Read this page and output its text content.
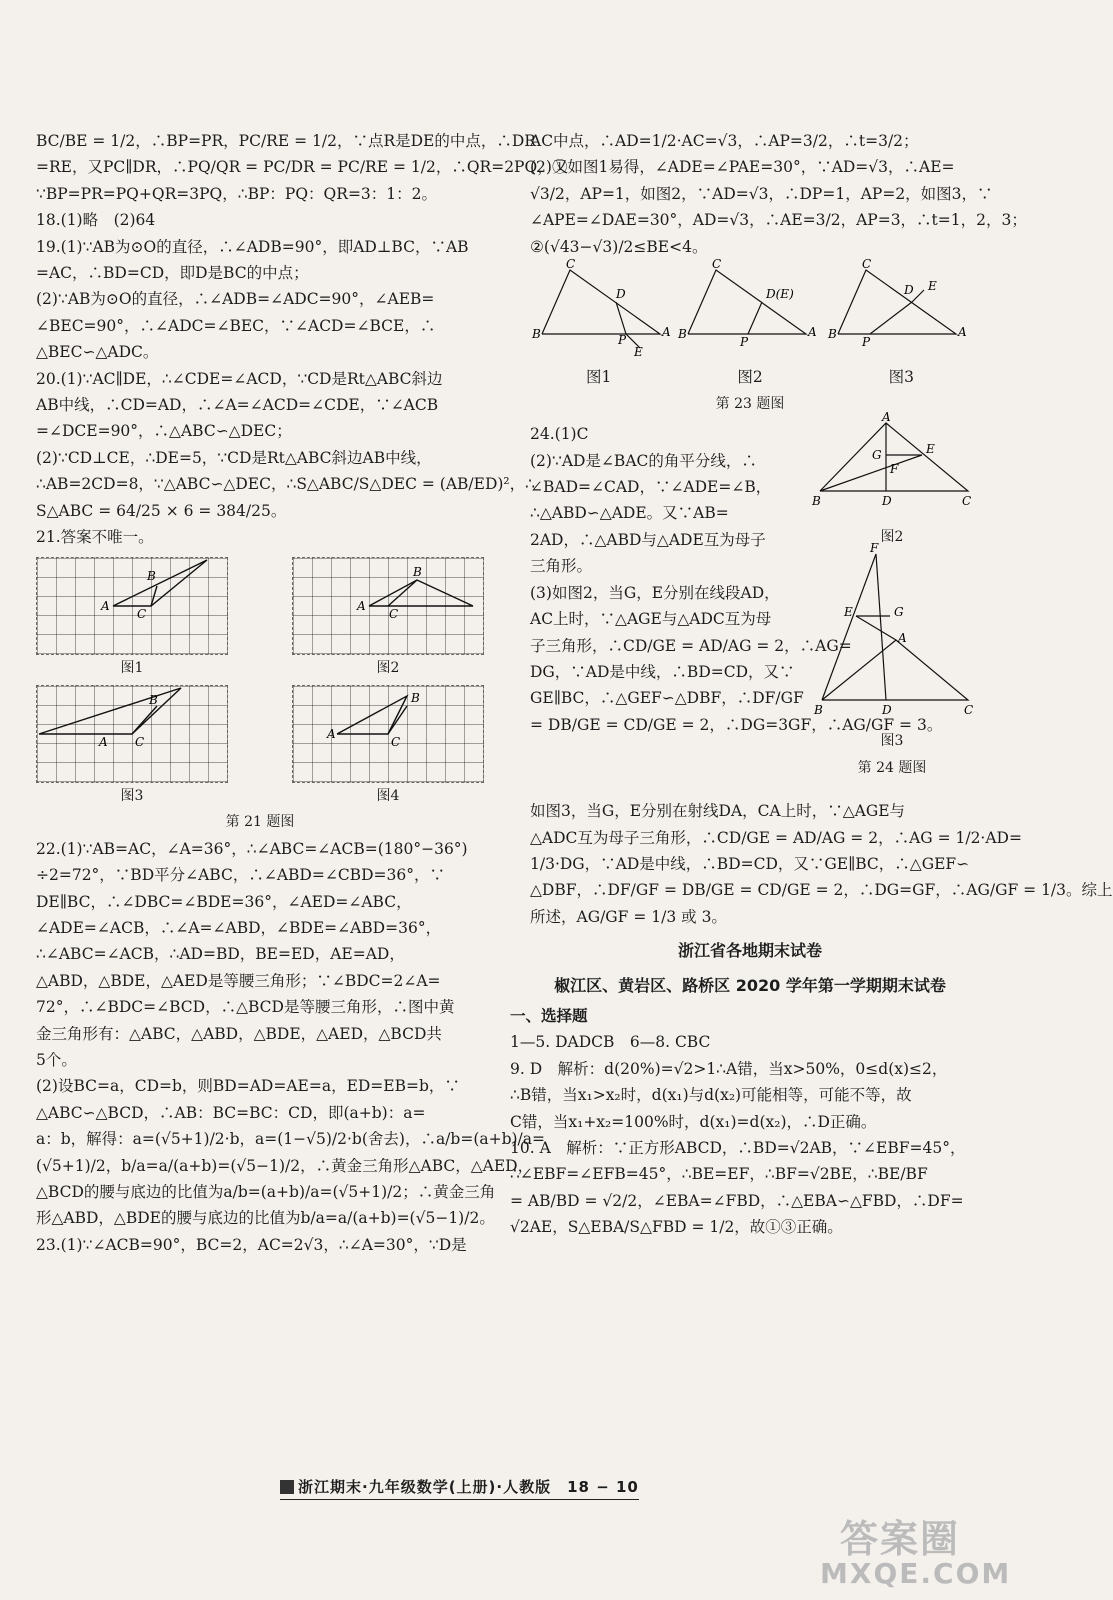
BC/BE = 1/2，∴BP=PR，PC/RE = 1/2，∵点R是DE的中点，∴DR
=RE，又PC∥DR，∴PQ/QR = PC/DR = PC/RE = 1/2，∴QR=2PQ，又
∵BP=PR=PQ+QR=3PQ，∴BP：PQ：QR=3：1：2。
18.(1)略　(2)64
19.(1)∵AB为⊙O的直径，∴∠ADB=90°，即AD⊥BC，∵AB
=AC，∴BD=CD，即D是BC的中点；
(2)∵AB为⊙O的直径，∴∠ADB=∠ADC=90°，∠AEB=
∠BEC=90°，∴∠ADC=∠BEC，∵∠ACD=∠BCE，∴
△BEC∽△ADC。
20.(1)∵AC∥DE，∴∠CDE=∠ACD，∵CD是Rt△ABC斜边
AB中线，∴CD=AD，∴∠A=∠ACD=∠CDE，∵∠ACB
=∠DCE=90°，∴△ABC∽△DEC；
(2)∵CD⊥CE，∴DE=5，∵CD是Rt△ABC斜边AB中线，
∴AB=2CD=8，∵△ABC∽△DEC，∴S△ABC/S△DEC = (AB/ED)²，∴
S△ABC = 64/25 × 6 = 384/25。
21.答案不唯一。
A
B
C
图1
A
B
C
图2
A
B
C
图3
A
B
C
图4
第 21 题图
22.(1)∵AB=AC，∠A=36°，∴∠ABC=∠ACB=(180°−36°)
÷2=72°，∵BD平分∠ABC，∴∠ABD=∠CBD=36°，∵
DE∥BC，∴∠DBC=∠BDE=36°，∠AED=∠ABC，
∠ADE=∠ACB，∴∠A=∠ABD，∠BDE=∠ABD=36°，
∴∠ABC=∠ACB，∴AD=BD，BE=ED，AE=AD，
△ABD，△BDE，△AED是等腰三角形；∵∠BDC=2∠A=
72°，∴∠BDC=∠BCD，∴△BCD是等腰三角形，∴图中黄
金三角形有：△ABC，△ABD，△BDE，△AED，△BCD共
5个。
(2)设BC=a，CD=b，则BD=AD=AE=a，ED=EB=b，∵
△ABC∽△BCD，∴AB：BC=BC：CD，即(a+b)：a=
a：b，解得：a=(√5+1)/2·b，a=(1−√5)/2·b(舍去)，∴a/b=(a+b)/a=
(√5+1)/2，b/a=a/(a+b)=(√5−1)/2，∴黄金三角形△ABC，△AED，
△BCD的腰与底边的比值为a/b=(a+b)/a=(√5+1)/2；∴黄金三角
形△ABD，△BDE的腰与底边的比值为b/a=a/(a+b)=(√5−1)/2。
23.(1)∵∠ACB=90°，BC=2，AC=2√3，∴∠A=30°，∵D是
AC中点，∴AD=1/2·AC=√3，∴AP=3/2，∴t=3/2；
(2)①如图1易得，∠ADE=∠PAE=30°，∵AD=√3，∴AE=
√3/2，AP=1，如图2，∵AD=√3，∴DP=1，AP=2，如图3，∵
∠APE=∠DAE=30°，AD=√3，∴AE=3/2，AP=3，∴t=1，2，3；
②(√43−√3)/2≤BE<4。
B
C
D
P
E
A B
C
D(E)
P
A B
C
D E
P
A
图1	图2	图3
第 23 题图
24.(1)C
(2)∵AD是∠BAC的角平分线，∴
∠BAD=∠CAD，∵∠ADE=∠B，
∴△ABD∽△ADE。又∵AB=
2AD，∴△ABD与△ADE互为母子
三角形。
(3)如图2，当G，E分别在线段AD，
AC上时，∵△AGE与△ADC互为母
子三角形，∴CD/GE = AD/AG = 2，∴AG=
DG，∵AD是中线，∴BD=CD，又∵
GE∥BC，∴△GEF∽△DBF，∴DF/GF
= DB/GE = CD/GE = 2，∴DG=3GF，∴AG/GF = 3。
A
G	E
F
B	D	C
图2
F
E	G
A
B	D	C
图3
第 24 题图
如图3，当G，E分别在射线DA，CA上时，∵△AGE与
△ADC互为母子三角形，∴CD/GE = AD/AG = 2，∴AG = 1/2·AD=
1/3·DG，∵AD是中线，∴BD=CD，又∵GE∥BC，∴△GEF∽
△DBF，∴DF/GF = DB/GE = CD/GE = 2，∴DG=GF，∴AG/GF = 1/3。综上
所述，AG/GF = 1/3 或 3。
浙江省各地期末试卷
椒江区、黄岩区、路桥区 2020 学年第一学期期末试卷
一、选择题
1—5. DADCB　6—8. CBC
9. D　解析：d(20%)=√2>1∴A错，当x>50%，0≤d(x)≤2，
∴B错，当x₁>x₂时，d(x₁)与d(x₂)可能相等，可能不等，故
C错，当x₁+x₂=100%时，d(x₁)=d(x₂)，∴D正确。
10. A　解析：∵正方形ABCD，∴BD=√2AB，∵∠EBF=45°，
∴∠EBF=∠EFB=45°，∴BE=EF，∴BF=√2BE，∴BE/BF
= AB/BD = √2/2，∠EBA=∠FBD，∴△EBA∽△FBD，∴DF=
√2AE，S△EBA/S△FBD = 1/2，故①③正确。
浙江期末·九年级数学(上册)·人教版　18 − 10
答案圈
MXQE.COM
